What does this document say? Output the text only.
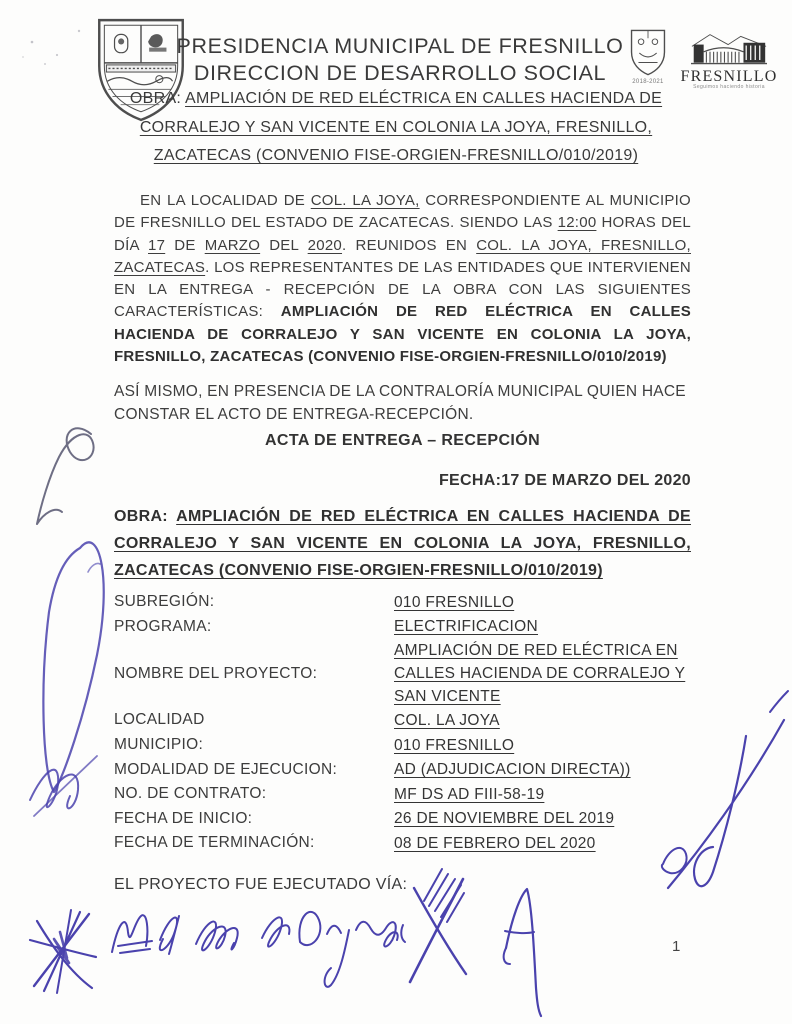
PRESIDENCIA MUNICIPAL DE FRESNILLO
DIRECCION DE DESARROLLO SOCIAL	2018-2021	FRESNILLO
Seguimos haciendo historia
OBRA: AMPLIACIÓN DE RED ELÉCTRICA EN CALLES HACIENDA DE
CORRALEJO Y SAN VICENTE EN COLONIA LA JOYA, FRESNILLO,
ZACATECAS (CONVENIO FISE-ORGIEN-FRESNILLO/010/2019)

EN LA LOCALIDAD DE COL. LA JOYA, CORRESPONDIENTE AL MUNICIPIO DE FRESNILLO DEL ESTADO DE ZACATECAS. SIENDO LAS 12:00 HORAS DEL DÍA 17 DE MARZO DEL 2020. REUNIDOS EN COL. LA JOYA, FRESNILLO, ZACATECAS. LOS REPRESENTANTES DE LAS ENTIDADES QUE INTERVIENEN EN LA ENTREGA - RECEPCIÓN DE LA OBRA CON LAS SIGUIENTES CARACTERÍSTICAS: AMPLIACIÓN DE RED ELÉCTRICA EN CALLES HACIENDA DE CORRALEJO Y SAN VICENTE EN COLONIA LA JOYA, FRESNILLO, ZACATECAS (CONVENIO FISE-ORGIEN-FRESNILLO/010/2019)

ASÍ MISMO, EN PRESENCIA DE LA CONTRALORÍA MUNICIPAL QUIEN HACE CONSTAR EL ACTO DE ENTREGA-RECEPCIÓN.

ACTA DE ENTREGA – RECEPCIÓN
FECHA:17 DE MARZO DEL 2020

OBRA: AMPLIACIÓN DE RED ELÉCTRICA EN CALLES HACIENDA DE CORRALEJO Y SAN VICENTE EN COLONIA LA JOYA, FRESNILLO, ZACATECAS (CONVENIO FISE-ORGIEN-FRESNILLO/010/2019)

SUBREGIÓN:	010 FRESNILLO
PROGRAMA:	ELECTRIFICACION
NOMBRE DEL PROYECTO:
AMPLIACIÓN DE RED ELÉCTRICA EN CALLES HACIENDA DE CORRALEJO Y SAN VICENTE
LOCALIDAD	COL. LA JOYA
MUNICIPIO:	010 FRESNILLO
MODALIDAD DE EJECUCION:	AD (ADJUDICACION DIRECTA))
NO. DE CONTRATO:	MF DS AD FIII-58-19
FECHA DE INICIO:	26 DE NOVIEMBRE DEL 2019
FECHA DE TERMINACIÓN:	08 DE FEBRERO DEL 2020
EL PROYECTO FUE EJECUTADO VÍA:
1
